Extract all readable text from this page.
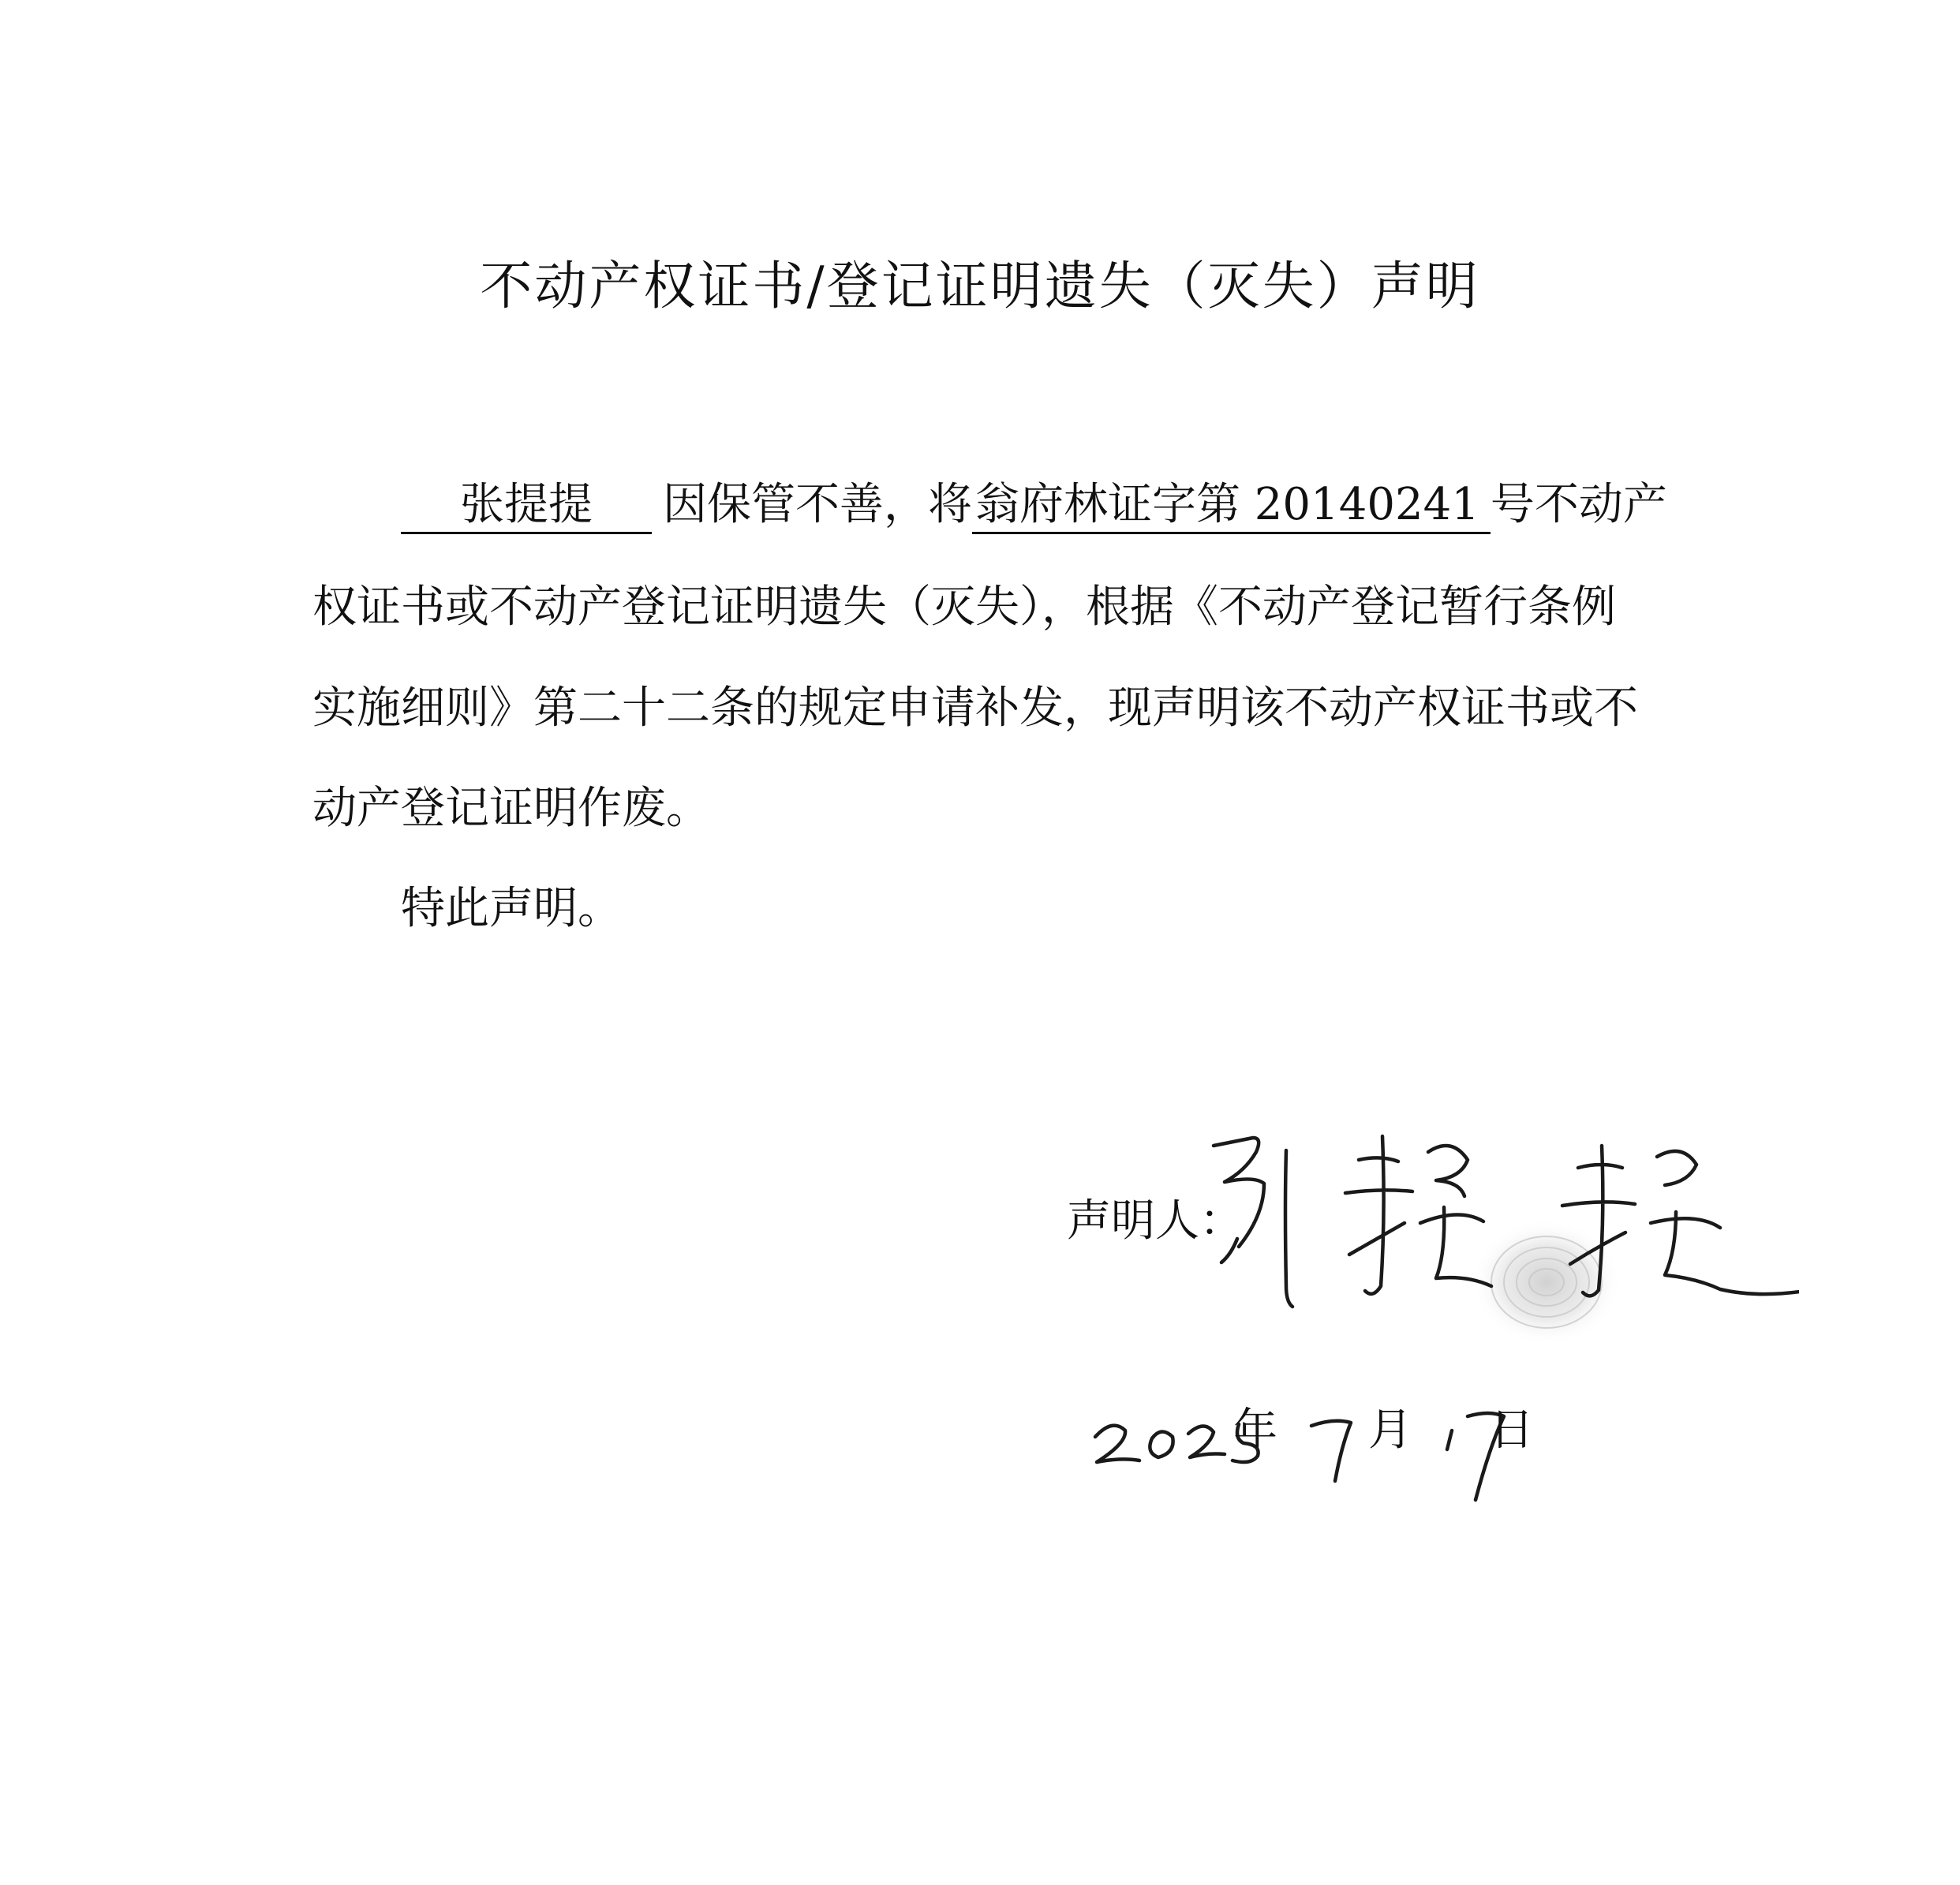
不动产权证书/登记证明遗失（灭失）声明
张提提 因保管不善，将翁府林证字第 20140241 号不动产
权证书或不动产登记证明遗失（灭失），根据《不动产登记暂行条例
实施细则》第二十二条的规定申请补发，现声明该不动产权证书或不
动产登记证明作废。
特此声明。
声明人：
年 月 日
